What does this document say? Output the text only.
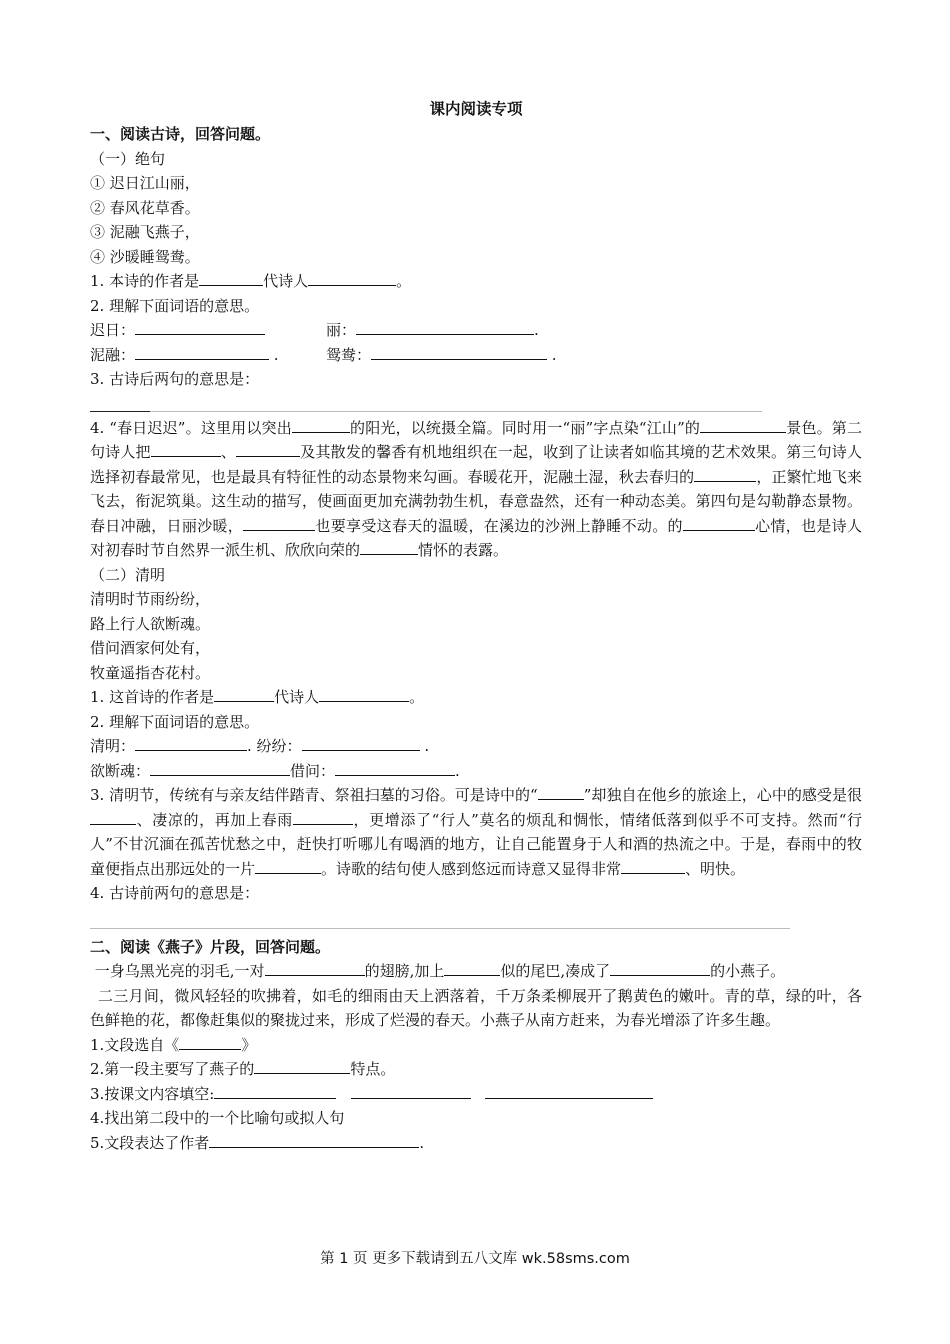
课内阅读专项
一、阅读古诗，回答问题。
（一）绝句
① 迟日江山丽，
② 春风花草香。
③ 泥融飞燕子，
④ 沙暖睡鸳鸯。
1. 本诗的作者是	代诗人	。
2. 理解下面词语的意思。
迟日：	丽：	.
泥融：	.	鸳鸯：	.
3. 古诗后两句的意思是：
4. “春日迟迟”。这里用以突出	的阳光，以统摄全篇。同时用一“丽”字点染“江山”的	景色。第二句诗人把	、	及其散发的馨香有机地组织在一起，收到了让读者如临其境的艺术效果。第三句诗人选择初春最常见，也是最具有特征性的动态景物来勾画。春暖花开，泥融土湿，秋去春归的	，正繁忙地飞来飞去，衔泥筑巢。这生动的描写，使画面更加充满勃勃生机，春意盎然，还有一种动态美。第四句是勾勒静态景物。春日冲融，日丽沙暖，	也要享受这春天的温暖，在溪边的沙洲上静睡不动。的	心情，也是诗人对初春时节自然界一派生机、欣欣向荣的	情怀的表露。
（二）清明
清明时节雨纷纷，
路上行人欲断魂。
借问酒家何处有，
牧童遥指杏花村。
1. 这首诗的作者是	代诗人	。
2. 理解下面词语的意思。
清明：	. 纷纷：	.
欲断魂：	借问：	.
3. 清明节，传统有与亲友结伴踏青、祭祖扫墓的习俗。可是诗中的“	”却独自在他乡的旅途上，心中的感受是很、凄凉的，再加上春雨	，更增添了“行人”莫名的烦乱和惆怅，情绪低落到似乎不可支持。然而“行人”不甘沉湎在孤苦忧愁之中，赶快打听哪儿有喝酒的地方，让自己能置身于人和酒的热流之中。于是，春雨中的牧童便指点出那远处的一片	。诗歌的结句使人感到悠远而诗意又显得非常	、明快。
4. 古诗前两句的意思是：
二、阅读《燕子》片段，回答问题。
一身乌黑光亮的羽毛,一对	的翅膀,加上	似的尾巴,凑成了	的小燕子。
二三月间，微风轻轻的吹拂着，如毛的细雨由天上洒落着，千万条柔柳展开了鹅黄色的嫩叶。青的草，绿的叶，各色鲜艳的花，都像赶集似的聚拢过来，形成了烂漫的春天。小燕子从南方赶来，为春光增添了许多生趣。
1.文段选自《	》
2.第一段主要写了燕子的	特点。
3.按课文内容填空:
4.找出第二段中的一个比喻句或拟人句
5.文段表达了作者	.
第 1 页 更多下载请到五八文库 wk.58sms.com
